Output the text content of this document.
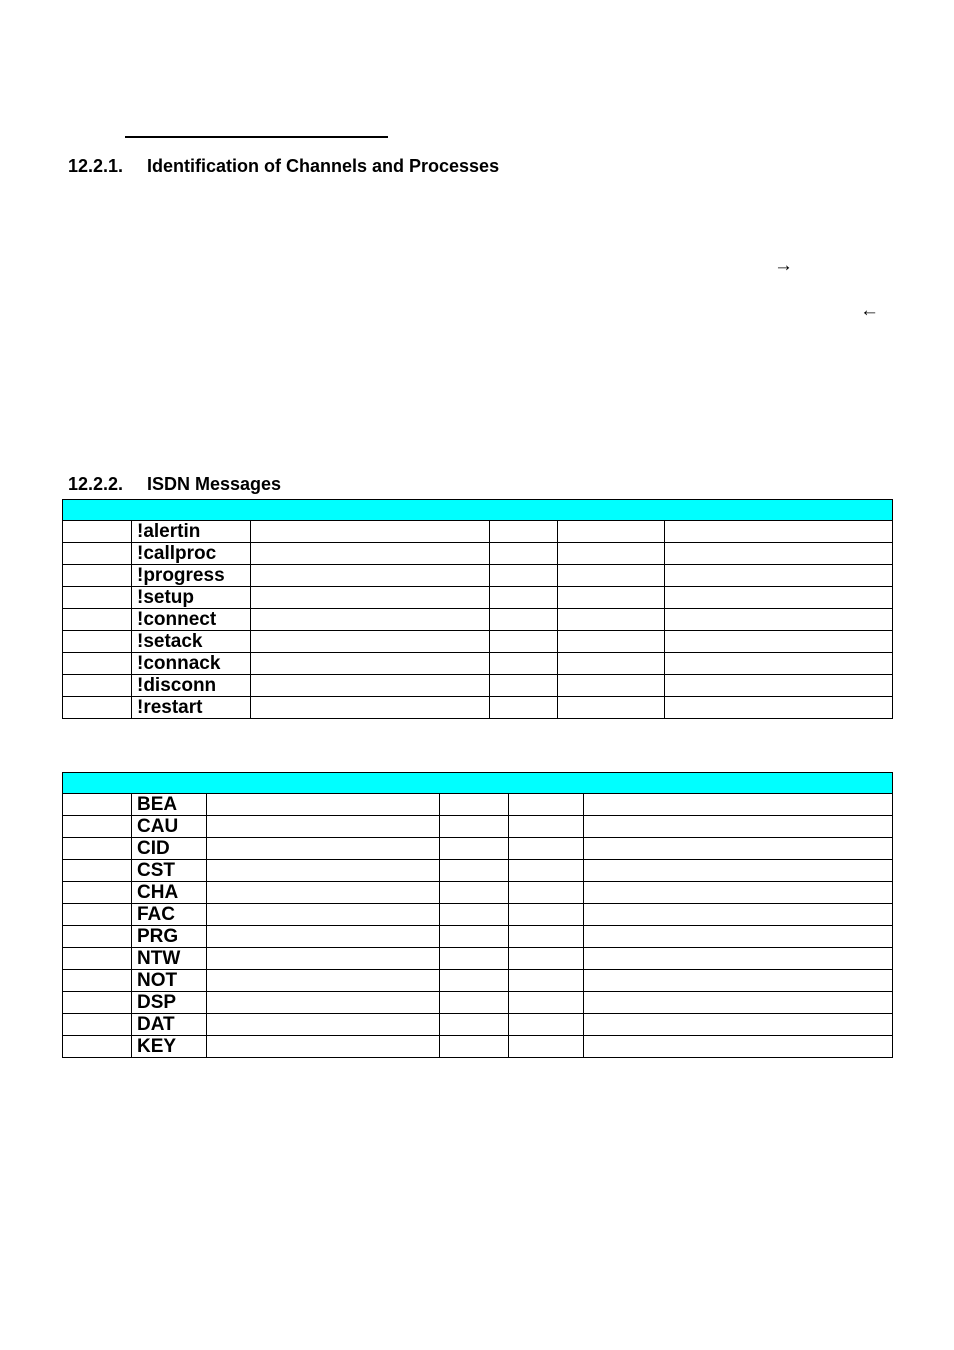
12.2.1. Identification of Channels and Processes
→
←
12.2.2. ISDN Messages

	!alertin				
	!callproc				
	!progress				
	!setup				
	!connect				
	!setack				
	!connack				
	!disconn				
	!restart				

	BEA				
	CAU				
	CID				
	CST				
	CHA				
	FAC				
	PRG				
	NTW				
	NOT				
	DSP				
	DAT				
	KEY				
